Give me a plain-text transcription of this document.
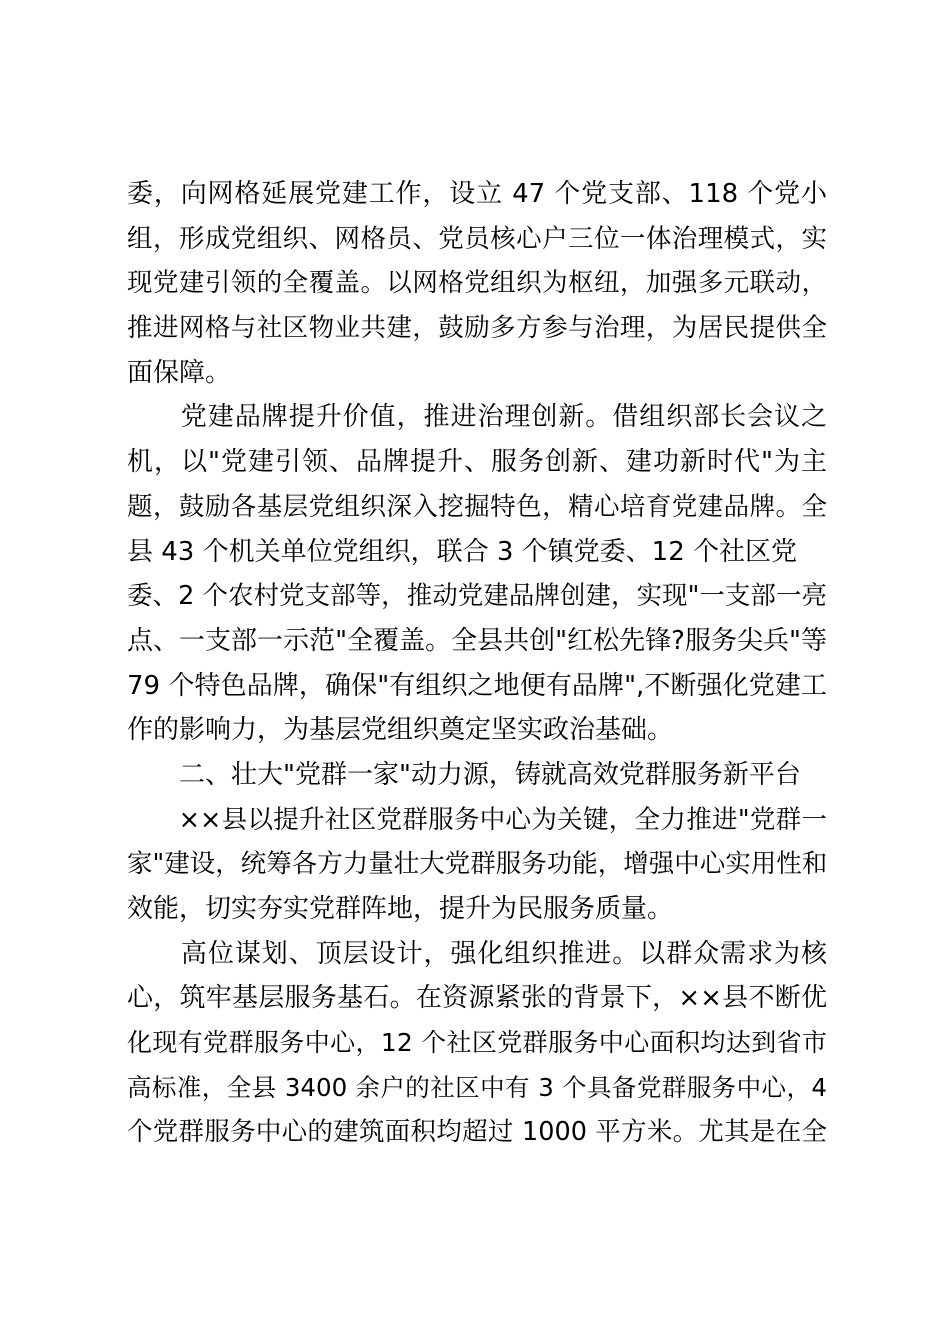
委，向网格延展党建工作，设立 47 个党支部、118 个党小
组，形成党组织、网格员、党员核心户三位一体治理模式，实
现党建引领的全覆盖。以网格党组织为枢纽，加强多元联动，
推进网格与社区物业共建，鼓励多方参与治理，为居民提供全
面保障。
　　党建品牌提升价值，推进治理创新。借组织部长会议之
机，以"党建引领、品牌提升、服务创新、建功新时代"为主
题，鼓励各基层党组织深入挖掘特色，精心培育党建品牌。全
县 43 个机关单位党组织，联合 3 个镇党委、12 个社区党
委、2 个农村党支部等，推动党建品牌创建，实现"一支部一亮
点、一支部一示范"全覆盖。全县共创"红松先锋?服务尖兵"等
79 个特色品牌，确保"有组织之地便有品牌",不断强化党建工
作的影响力，为基层党组织奠定坚实政治基础。
　　二、壮大"党群一家"动力源，铸就高效党群服务新平台
　　××县以提升社区党群服务中心为关键，全力推进"党群一
家"建设，统筹各方力量壮大党群服务功能，增强中心实用性和
效能，切实夯实党群阵地，提升为民服务质量。
　　高位谋划、顶层设计，强化组织推进。以群众需求为核
心，筑牢基层服务基石。在资源紧张的背景下，××县不断优
化现有党群服务中心，12 个社区党群服务中心面积均达到省市
高标准，全县 3400 余户的社区中有 3 个具备党群服务中心，4
个党群服务中心的建筑面积均超过 1000 平方米。尤其是在全
